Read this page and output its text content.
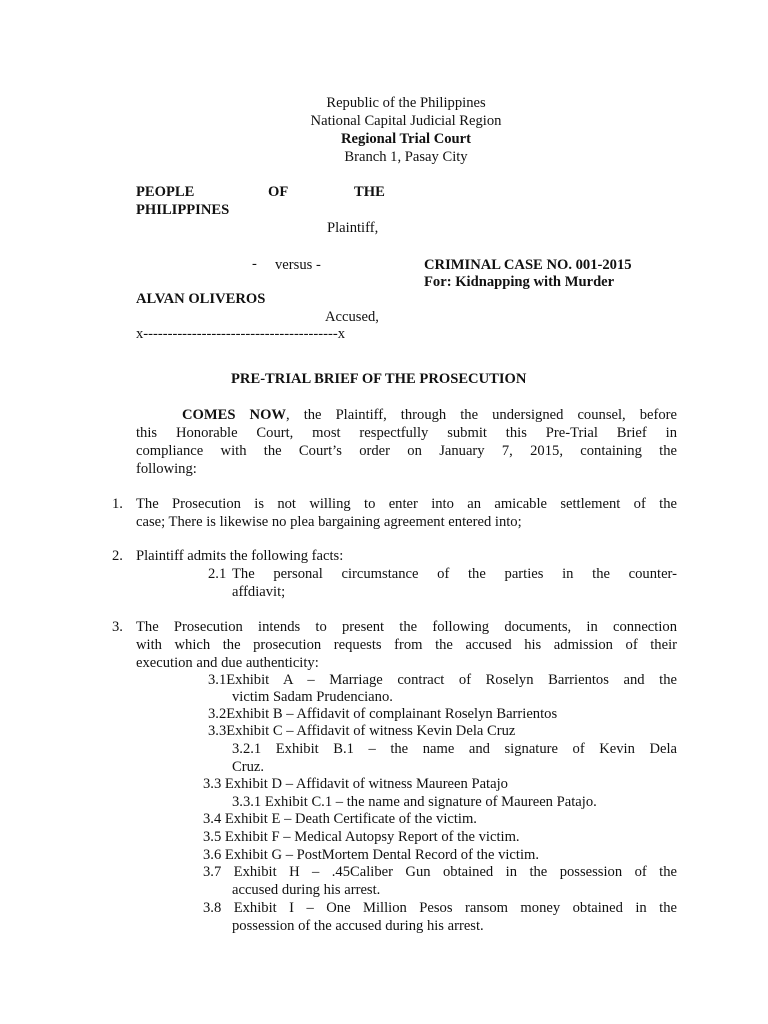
Republic of the Philippines
National Capital Judicial Region
Regional Trial Court
Branch 1, Pasay City
PEOPLE	OF	THE
PHILIPPINES
Plaintiff,
- versus -
ALVAN OLIVEROS
Accused,
x----------------------------------------x
CRIMINAL CASE NO. 001-2015
For: Kidnapping with Murder
PRE-TRIAL BRIEF OF THE PROSECUTION
COMES NOW, the Plaintiff, through the undersigned counsel, before
this Honorable Court, most respectfully submit this Pre-Trial Brief in
compliance with the Court’s order on January 7, 2015, containing the
following:
1. The Prosecution is not willing to enter into an amicable settlement of the
case; There is likewise no plea bargaining agreement entered into;
2. Plaintiff admits the following facts:
2.1 The personal circumstance of the parties in the counter-
affdiavit;
3. The Prosecution intends to present the following documents, in connection
with which the prosecution requests from the accused his admission of their
execution and due authenticity:
3.1Exhibit A – Marriage contract of Roselyn Barrientos and the
victim Sadam Prudenciano.
3.2Exhibit B – Affidavit of complainant Roselyn Barrientos
3.3Exhibit C – Affidavit of witness Kevin Dela Cruz
3.2.1 Exhibit B.1 – the name and signature of Kevin Dela
Cruz.
3.3 Exhibit D – Affidavit of witness Maureen Patajo
3.3.1 Exhibit C.1 – the name and signature of Maureen Patajo.
3.4 Exhibit E – Death Certificate of the victim.
3.5 Exhibit F – Medical Autopsy Report of the victim.
3.6 Exhibit G – PostMortem Dental Record of the victim.
3.7 Exhibit H – .45Caliber Gun obtained in the possession of the
accused during his arrest.
3.8 Exhibit I – One Million Pesos ransom money obtained in the
possession of the accused during his arrest.
